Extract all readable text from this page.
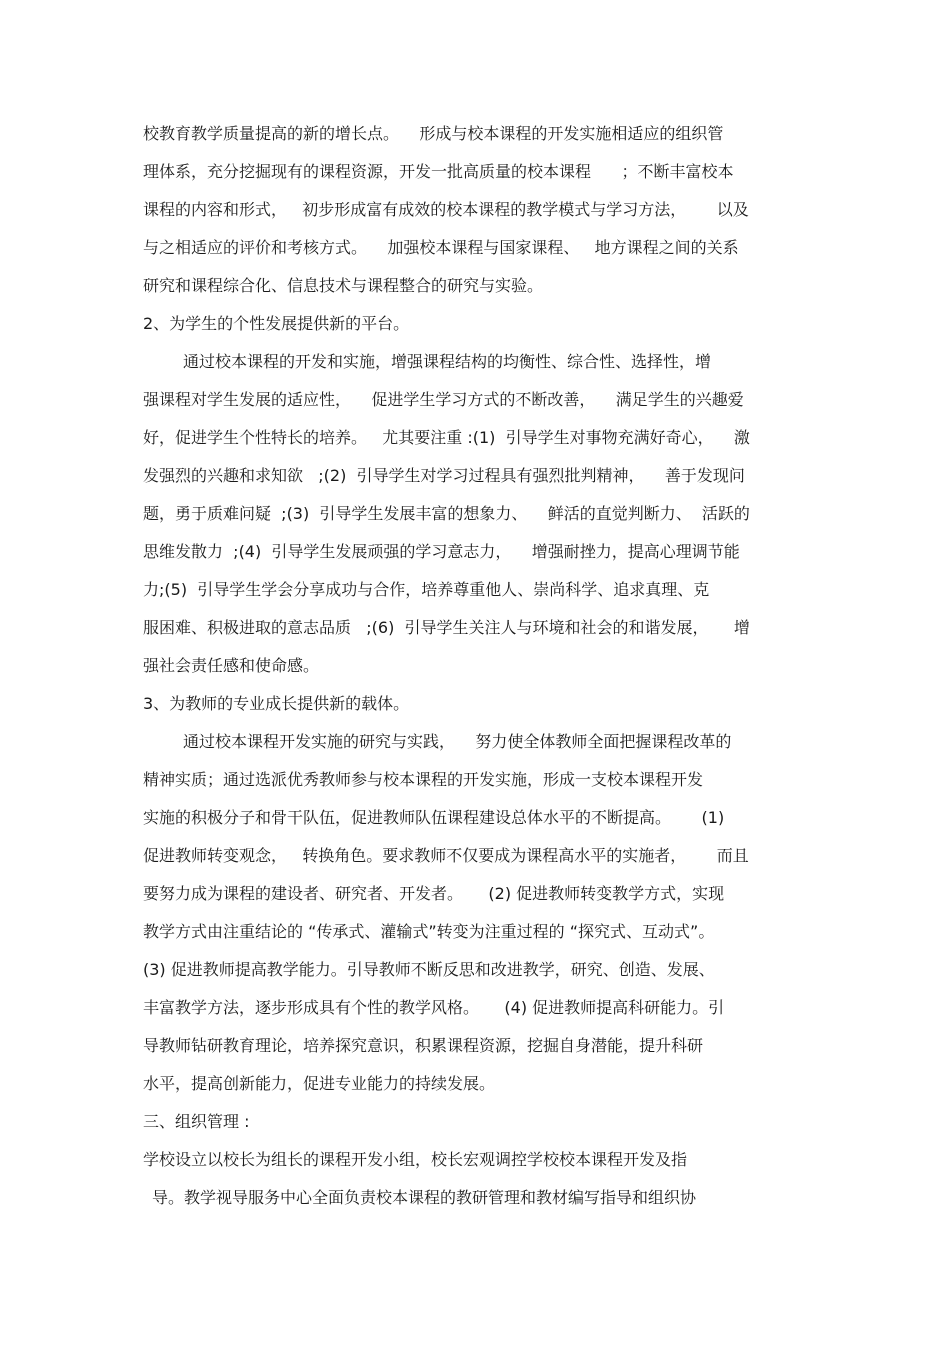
校教育教学质量提高的新的增长点。    形成与校本课程的开发实施相适应的组织管
理体系，充分挖掘现有的课程资源，开发一批高质量的校本课程      ；不断丰富校本
课程的内容和形式，   初步形成富有成效的校本课程的教学模式与学习方法，      以及
与之相适应的评价和考核方式。    加强校本课程与国家课程、   地方课程之间的关系
研究和课程综合化、信息技术与课程整合的研究与实验。
2、为学生的个性发展提供新的平台。
通过校本课程的开发和实施，增强课程结构的均衡性、综合性、选择性，增
强课程对学生发展的适应性，    促进学生学习方式的不断改善，    满足学生的兴趣爱
好，促进学生个性特长的培养。   尤其要注重 :(1)  引导学生对事物充满好奇心，    激
发强烈的兴趣和求知欲   ;(2)  引导学生对学习过程具有强烈批判精神，    善于发现问
题，勇于质难问疑  ;(3)  引导学生发展丰富的想象力、    鲜活的直觉判断力、  活跃的
思维发散力  ;(4)  引导学生发展顽强的学习意志力，    增强耐挫力，提高心理调节能
力;(5)  引导学生学会分享成功与合作，培养尊重他人、崇尚科学、追求真理、克
服困难、积极进取的意志品质   ;(6)  引导学生关注人与环境和社会的和谐发展，     增
强社会责任感和使命感。
3、为教师的专业成长提供新的载体。
通过校本课程开发实施的研究与实践，    努力使全体教师全面把握课程改革的
精神实质；通过选派优秀教师参与校本课程的开发实施，形成一支校本课程开发
实施的积极分子和骨干队伍，促进教师队伍课程建设总体水平的不断提高。      (1)
促进教师转变观念，   转换角色。要求教师不仅要成为课程高水平的实施者，      而且
要努力成为课程的建设者、研究者、开发者。     (2) 促进教师转变教学方式，实现
教学方式由注重结论的 “传承式、灌输式”转变为注重过程的 “探究式、互动式”。
(3) 促进教师提高教学能力。引导教师不断反思和改进教学，研究、创造、发展、
丰富教学方法，逐步形成具有个性的教学风格。     (4) 促进教师提高科研能力。引
导教师钻研教育理论，培养探究意识，积累课程资源，挖掘自身潜能，提升科研
水平，提高创新能力，促进专业能力的持续发展。
三、组织管理 :
学校设立以校长为组长的课程开发小组，校长宏观调控学校校本课程开发及指
导。教学视导服务中心全面负责校本课程的教研管理和教材编写指导和组织协
